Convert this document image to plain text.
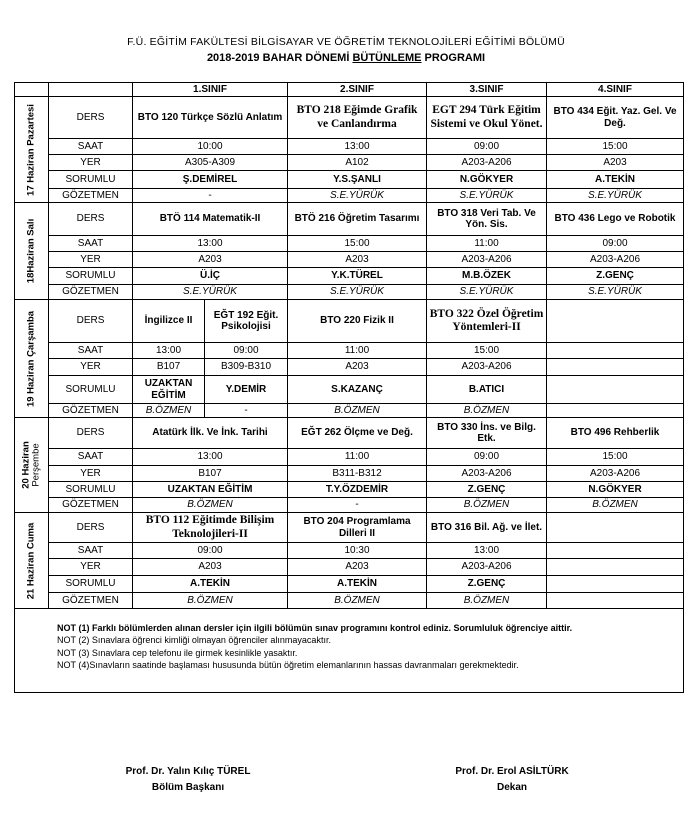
F.Ü. EĞİTİM FAKÜLTESİ BİLGİSAYAR VE ÖĞRETİM TEKNOLOJİLERİ EĞİTİMİ BÖLÜMÜ
2018-2019 BAHAR DÖNEMİ BÜTÜNLEME PROGRAMI
		1.SINIF		2.SINIF	3.SINIF	4.SINIF

17 Haziran Pazartesi	DERS	BTO 120 Türkçe Sözlü Anlatım		BTO 218 Eğimde Grafik ve Canlandırma	EGT 294 Türk Eğitim Sistemi ve Okul Yönet.	BTO 434 Eğit. Yaz. Gel. Ve Değ.
	SAAT	10:00		13:00	09:00	15:00
	YER	A305-A309		A102	A203-A206	A203
	SORUMLU	Ş.DEMİREL		Y.S.ŞANLI	N.GÖKYER	A.TEKİN
	GÖZETMEN	-		S.E.YÜRÜK	S.E.YÜRÜK	S.E.YÜRÜK

18Haziran Salı	DERS	BTÖ 114 Matematik-II		BTÖ 216 Öğretim Tasarımı	BTO 318 Veri Tab. Ve Yön. Sis.	BTO 436 Lego ve Robotik
	SAAT	13:00		15:00	11:00	09:00
	YER	A203		A203	A203-A206	A203-A206
	SORUMLU	Ü.İÇ		Y.K.TÜREL	M.B.ÖZEK	Z.GENÇ
	GÖZETMEN	S.E.YÜRÜK		S.E.YÜRÜK	S.E.YÜRÜK	S.E.YÜRÜK

19 Haziran Çarşamba	DERS	İngilizce II	EĞT 192 Eğit. Psikolojisi	BTO 220 Fizik II	BTO 322 Özel Öğretim Yöntemleri-II	
	SAAT	13:00	09:00	11:00	15:00	
	YER	B107	B309-B310	A203	A203-A206	
	SORUMLU	UZAKTAN EĞİTİM	Y.DEMİR	S.KAZANÇ	B.ATICI	
	GÖZETMEN	B.ÖZMEN	-	B.ÖZMEN	B.ÖZMEN	

20 Haziran Perşembe	DERS	Atatürk İlk. Ve İnk. Tarihi		EĞT 262 Ölçme ve Değ.	BTO 330 İns. ve Bilg. Etk.	BTO 496 Rehberlik
	SAAT	13:00		11:00	09:00	15:00
	YER	B107		B311-B312	A203-A206	A203-A206
	SORUMLU	UZAKTAN EĞİTİM		T.Y.ÖZDEMİR	Z.GENÇ	N.GÖKYER
	GÖZETMEN	B.ÖZMEN		-	B.ÖZMEN	B.ÖZMEN

21 Haziran Cuma	DERS	BTO 112 Eğitimde Bilişim Teknolojileri-II		BTO 204 Programlama Dilleri II	BTO 316 Bil. Ağ. ve İlet.	
	SAAT	09:00		10:30	13:00	
	YER	A203		A203	A203-A206	
	SORUMLU	A.TEKİN		A.TEKİN	Z.GENÇ	
	GÖZETMEN	B.ÖZMEN		B.ÖZMEN	B.ÖZMEN	

NOT (1) Farklı bölümlerden alınan dersler için ilgili bölümün sınav programını kontrol ediniz. Sorumluluk öğrenciye aittir.
NOT (2) Sınavlara öğrenci kimliği olmayan öğrenciler alınmayacaktır.
NOT (3) Sınavlara cep telefonu ile girmek kesinlikle yasaktır.
NOT (4)Sınavların saatinde başlaması hususunda bütün öğretim elemanlarının hassas davranmaları gerekmektedir.						
Prof. Dr. Yalın Kılıç TÜREL
Bölüm Başkanı
Prof. Dr. Erol ASİLTÜRK
Dekan
